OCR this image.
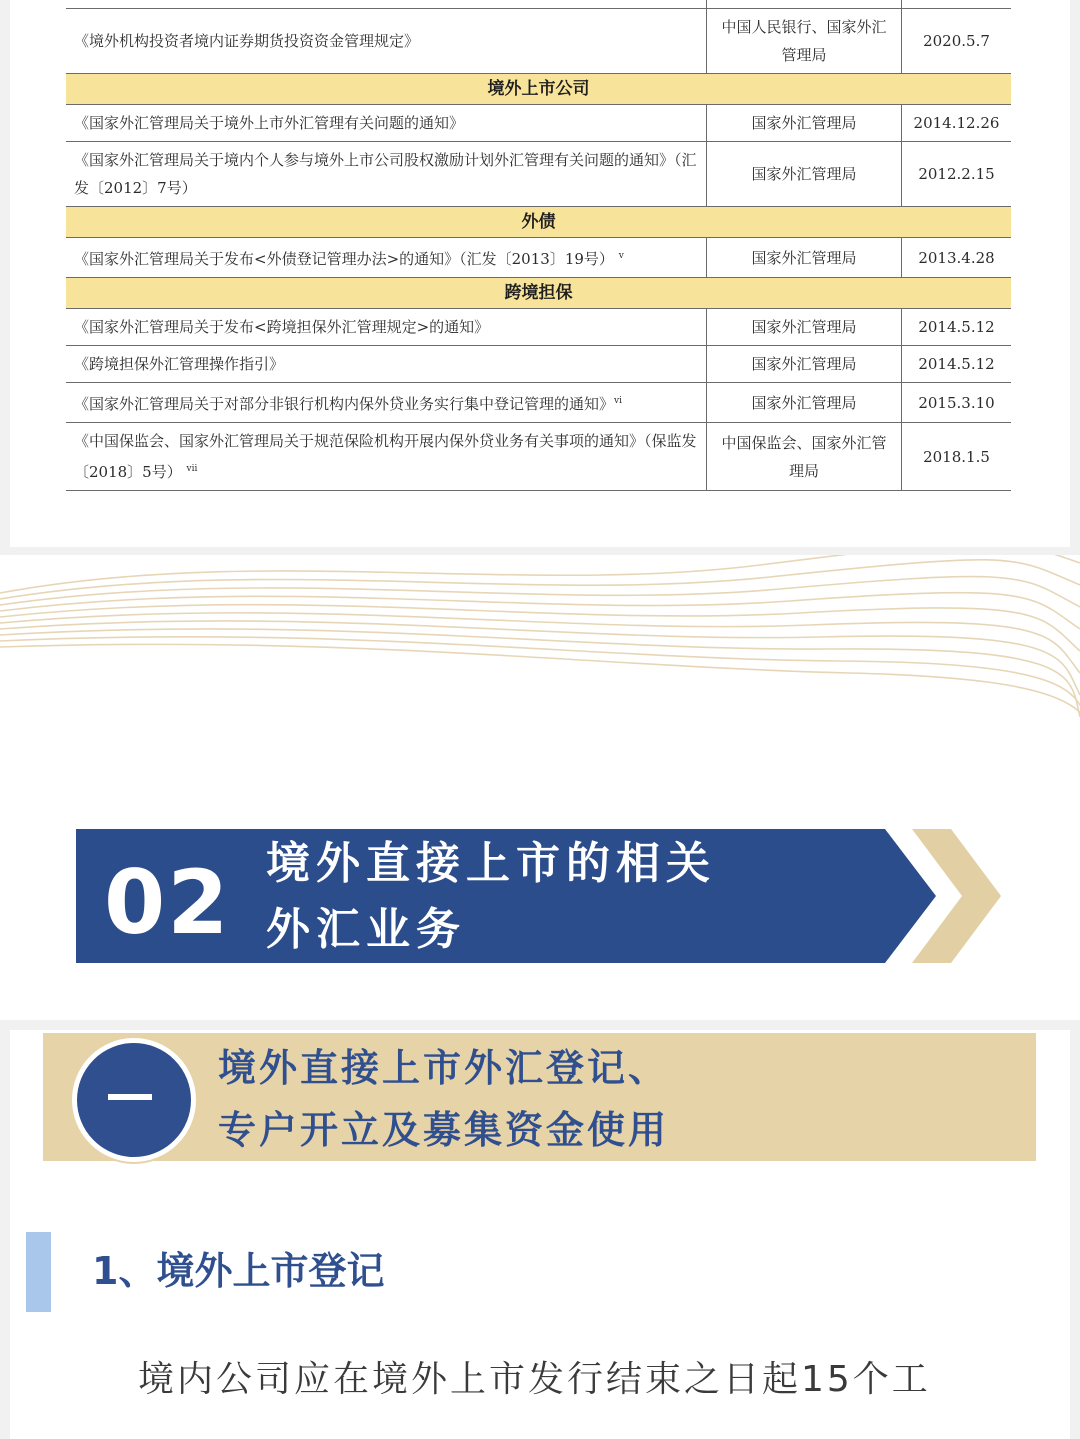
《境外机构投资者境内证券期货投资资金管理规定》	中国人民银行、国家外汇管理局	2020.5.7
境外上市公司		
《国家外汇管理局关于境外上市外汇管理有关问题的通知》	国家外汇管理局	2014.12.26
《国家外汇管理局关于境内个人参与境外上市公司股权激励计划外汇管理有关问题的通知》（汇发〔2012〕7号）	国家外汇管理局	2012.2.15
外债		
《国家外汇管理局关于发布<外债登记管理办法>的通知》（汇发〔2013〕19号） $^v$	国家外汇管理局	2013.4.28
跨境担保		
《国家外汇管理局关于发布<跨境担保外汇管理规定>的通知》	国家外汇管理局	2014.5.12
《跨境担保外汇管理操作指引》	国家外汇管理局	2014.5.12
《国家外汇管理局关于对部分非银行机构内保外贷业务实行集中登记管理的通知》$^{vi}$	国家外汇管理局	2015.3.10
《中国保监会、国家外汇管理局关于规范保险机构开展内保外贷业务有关事项的通知》（保监发〔2018〕5号） $^{vii}$	中国保监会、国家外汇管理局	2018.1.5
02 境外直接上市的相关
外汇业务
境外直接上市外汇登记、
专户开立及募集资金使用
1、境外上市登记
境内公司应在境外上市发行结束之日起15个工
